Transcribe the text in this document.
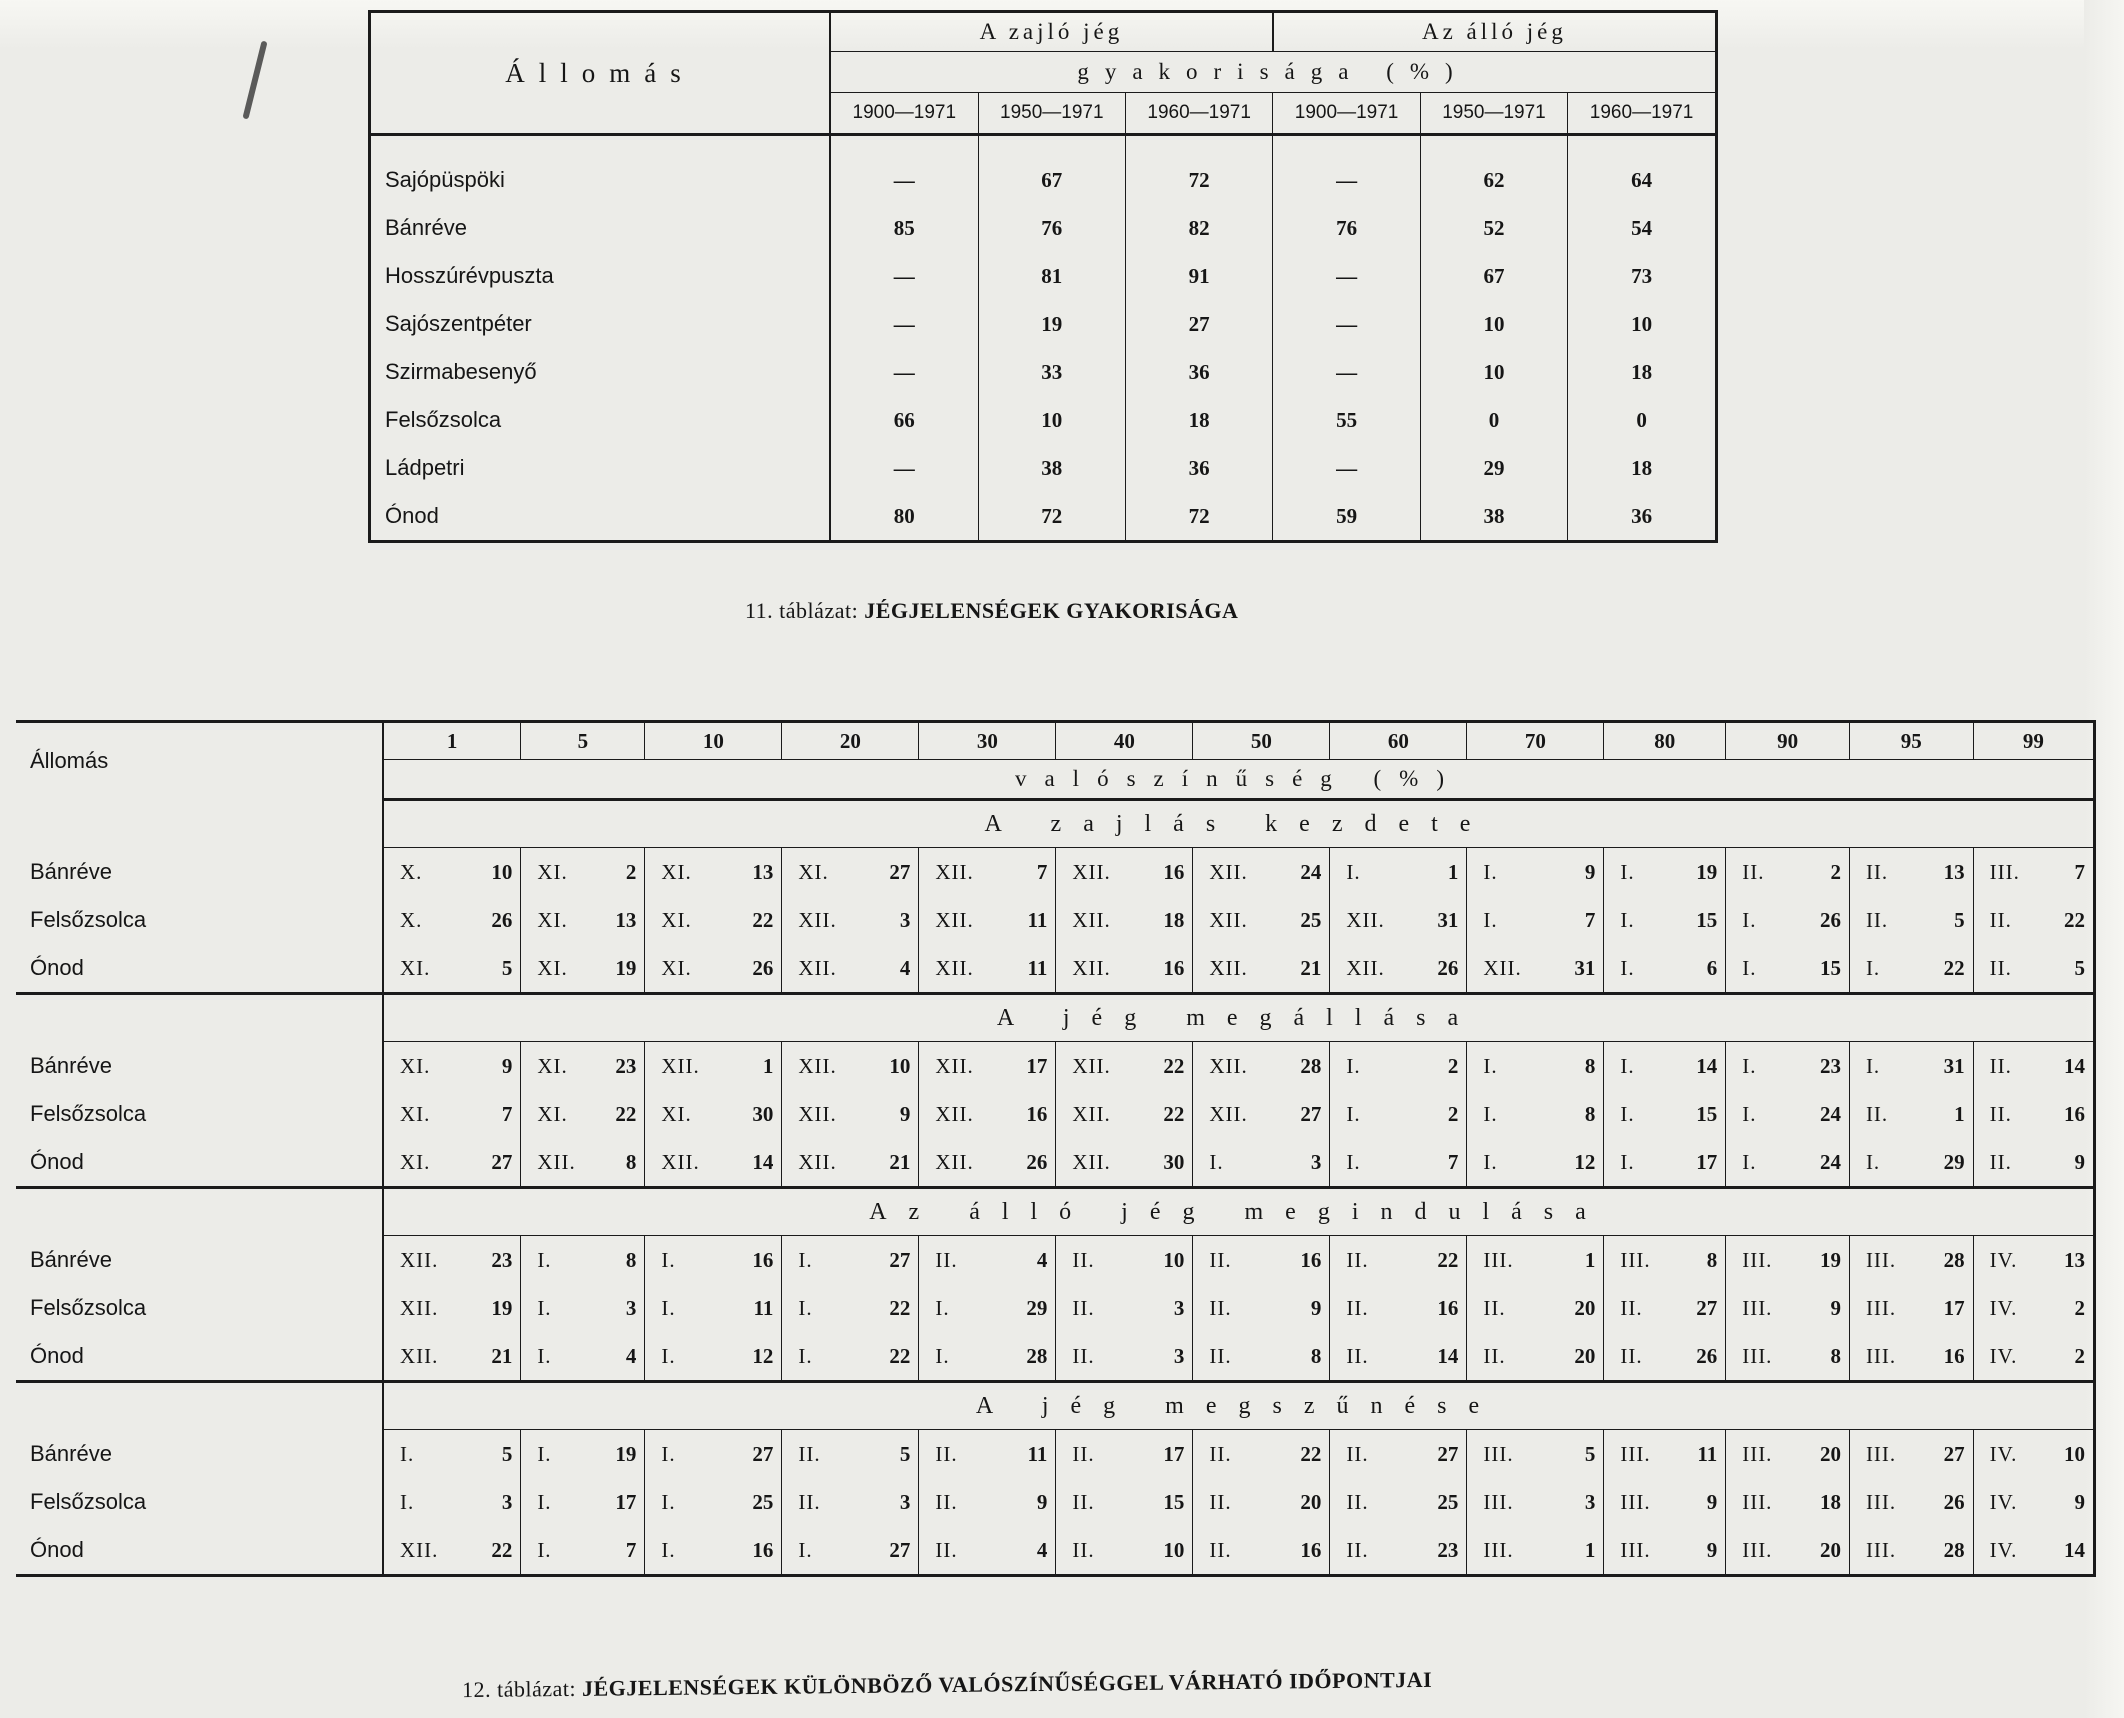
Állomás	A zajló jég			Az álló jég		
	gyakorisága (%)					
	1900—1971	1950—1971	1960—1971	1900—1971	1950—1971	1960—1971
Sajópüspöki	—	67	72	—	62	64
Bánréve	85	76	82	76	52	54
Hosszúrévpuszta	—	81	91	—	67	73
Sajószentpéter	—	19	27	—	10	10
Szirmabesenyő	—	33	36	—	10	18
Felsőzsolca	66	10	18	55	0	0
Ládpetri	—	38	36	—	29	18
Ónod	80	72	72	59	38	36
11. táblázat: JÉGJELENSÉGEK GYAKORISÁGA
Állomás	1	5	10	20	30	40	50	60	70	80	90	95	99
	valószínűség (%)												
	A zajlás kezdete												
Bánréve	X. 10	XI. 2	XI. 13	XI. 27	XII. 7	XII. 16	XII. 24	I. 1	I. 9	I. 19	II. 2	II. 13	III. 7

Felsőzsolca	X. 26	XI. 13	XI. 22	XII. 3	XII. 11	XII. 18	XII. 25	XII. 31	I. 7	I. 15	I. 26	II. 5	II. 22

Ónod	XI. 5	XI. 19	XI. 26	XII. 4	XII. 11	XII. 16	XII. 21	XII. 26	XII. 31	I. 6	I. 15	I. 22	II. 5

	A jég megállása												
Bánréve	XI. 9	XI. 23	XII. 1	XII. 10	XII. 17	XII. 22	XII. 28	I. 2	I. 8	I. 14	I. 23	I. 31	II. 14

Felsőzsolca	XI. 7	XI. 22	XI. 30	XII. 9	XII. 16	XII. 22	XII. 27	I. 2	I. 8	I. 15	I. 24	II. 1	II. 16

Ónod	XI. 27	XII. 8	XII. 14	XII. 21	XII. 26	XII. 30	I. 3	I. 7	I. 12	I. 17	I. 24	I. 29	II. 9

	Az álló jég megindulása												
Bánréve	XII. 23	I. 8	I. 16	I. 27	II. 4	II. 10	II. 16	II. 22	III. 1	III. 8	III. 19	III. 28	IV. 13

Felsőzsolca	XII. 19	I. 3	I. 11	I. 22	I. 29	II. 3	II. 9	II. 16	II. 20	II. 27	III. 9	III. 17	IV. 2

Ónod	XII. 21	I. 4	I. 12	I. 22	I. 28	II. 3	II. 8	II. 14	II. 20	II. 26	III. 8	III. 16	IV. 2

	A jég megszűnése												
Bánréve	I. 5	I. 19	I. 27	II. 5	II. 11	II. 17	II. 22	II. 27	III. 5	III. 11	III. 20	III. 27	IV. 10

Felsőzsolca	I. 3	I. 17	I. 25	II. 3	II. 9	II. 15	II. 20	II. 25	III. 3	III. 9	III. 18	III. 26	IV. 9

Ónod	XII. 22	I. 7	I. 16	I. 27	II. 4	II. 10	II. 16	II. 23	III. 1	III. 9	III. 20	III. 28	IV. 14
12. táblázat: JÉGJELENSÉGEK KÜLÖNBÖZŐ VALÓSZÍNŰSÉGGEL VÁRHATÓ IDŐPONTJAI
